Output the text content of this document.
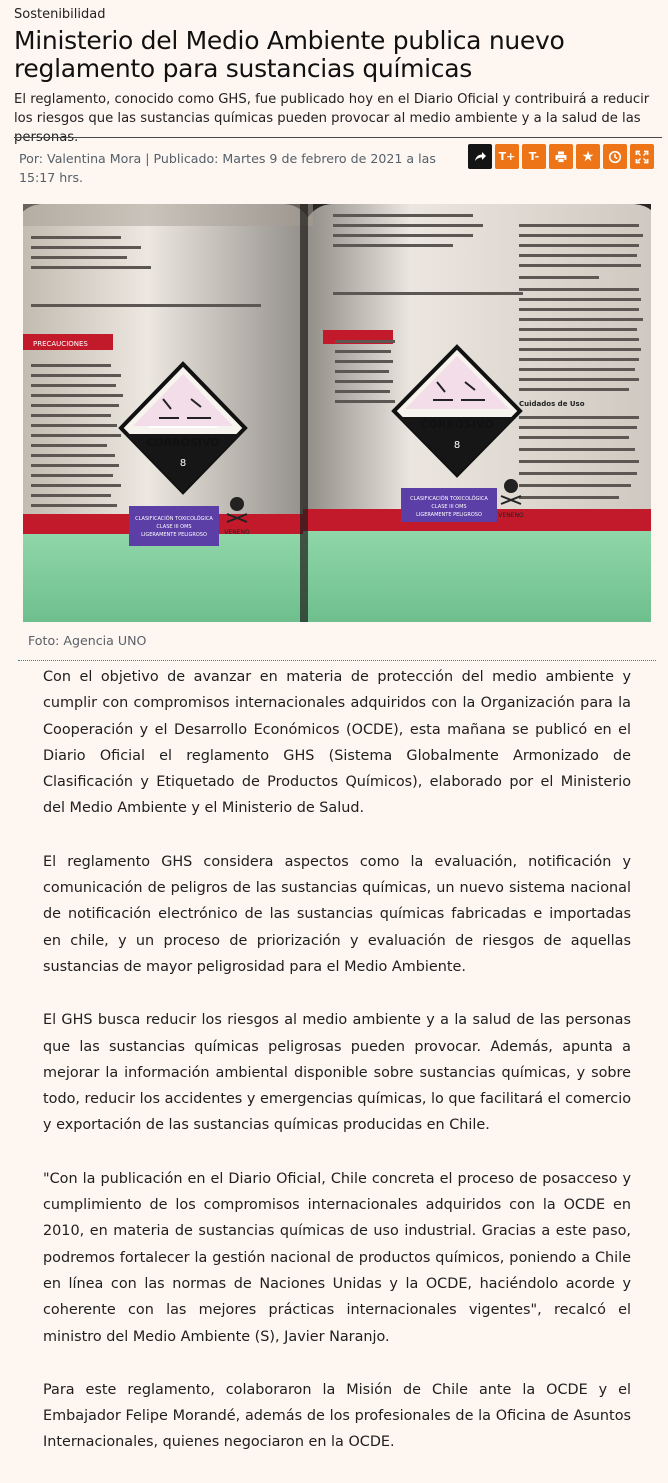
Sostenibilidad
Ministerio del Medio Ambiente publica nuevo reglamento para sustancias químicas

El reglamento, conocido como GHS, fue publicado hoy en el Diario Oficial y contribuirá a reducir los riesgos que las sustancias químicas pueden provocar al medio ambiente y a la salud de las personas.

Por: Valentina Mora | Publicado: Martes 9 de febrero de 2021 a las 15:17 hrs.
T+ T-	★
CORROSIVO
8
CLASIFICACIÓN TOXICOLÓGICA
CLASE III OMS
LIGERAMENTE PELIGROSO	VENENO
PRECAUCIONES
CORROSIVO
8
CLASIFICACIÓN TOXICOLÓGICA
CLASE III OMS
LIGERAMENTE PELIGROSO	VENENO
Cuidados de Uso
Foto: Agencia UNO

Con el objetivo de avanzar en materia de protección del medio ambiente y cumplir con compromisos internacionales adquiridos con la Organización para la Cooperación y el Desarrollo Económicos (OCDE), esta mañana se publicó en el Diario Oficial el reglamento GHS (Sistema Globalmente Armonizado de Clasificación y Etiquetado de Productos Químicos), elaborado por el Ministerio del Medio Ambiente y el Ministerio de Salud.

El reglamento GHS considera aspectos como la evaluación, notificación y comunicación de peligros de las sustancias químicas, un nuevo sistema nacional de notificación electrónico de las sustancias químicas fabricadas e importadas en chile, y un proceso de priorización y evaluación de riesgos de aquellas sustancias de mayor peligrosidad para el Medio Ambiente.

El GHS busca reducir los riesgos al medio ambiente y a la salud de las personas que las sustancias químicas peligrosas pueden provocar. Además, apunta a mejorar la información ambiental disponible sobre sustancias químicas, y sobre todo, reducir los accidentes y emergencias químicas, lo que facilitará el comercio y exportación de las sustancias químicas producidas en Chile.

"Con la publicación en el Diario Oficial, Chile concreta el proceso de posacceso y cumplimiento de los compromisos internacionales adquiridos con la OCDE en 2010, en materia de sustancias químicas de uso industrial. Gracias a este paso, podremos fortalecer la gestión nacional de productos químicos, poniendo a Chile en línea con las normas de Naciones Unidas y la OCDE, haciéndolo acorde y coherente con las mejores prácticas internacionales vigentes", recalcó el ministro del Medio Ambiente (S), Javier Naranjo.

Para este reglamento, colaboraron la Misión de Chile ante la OCDE y el Embajador Felipe Morandé, además de los profesionales de la Oficina de Asuntos Internacionales, quienes negociaron en la OCDE.
